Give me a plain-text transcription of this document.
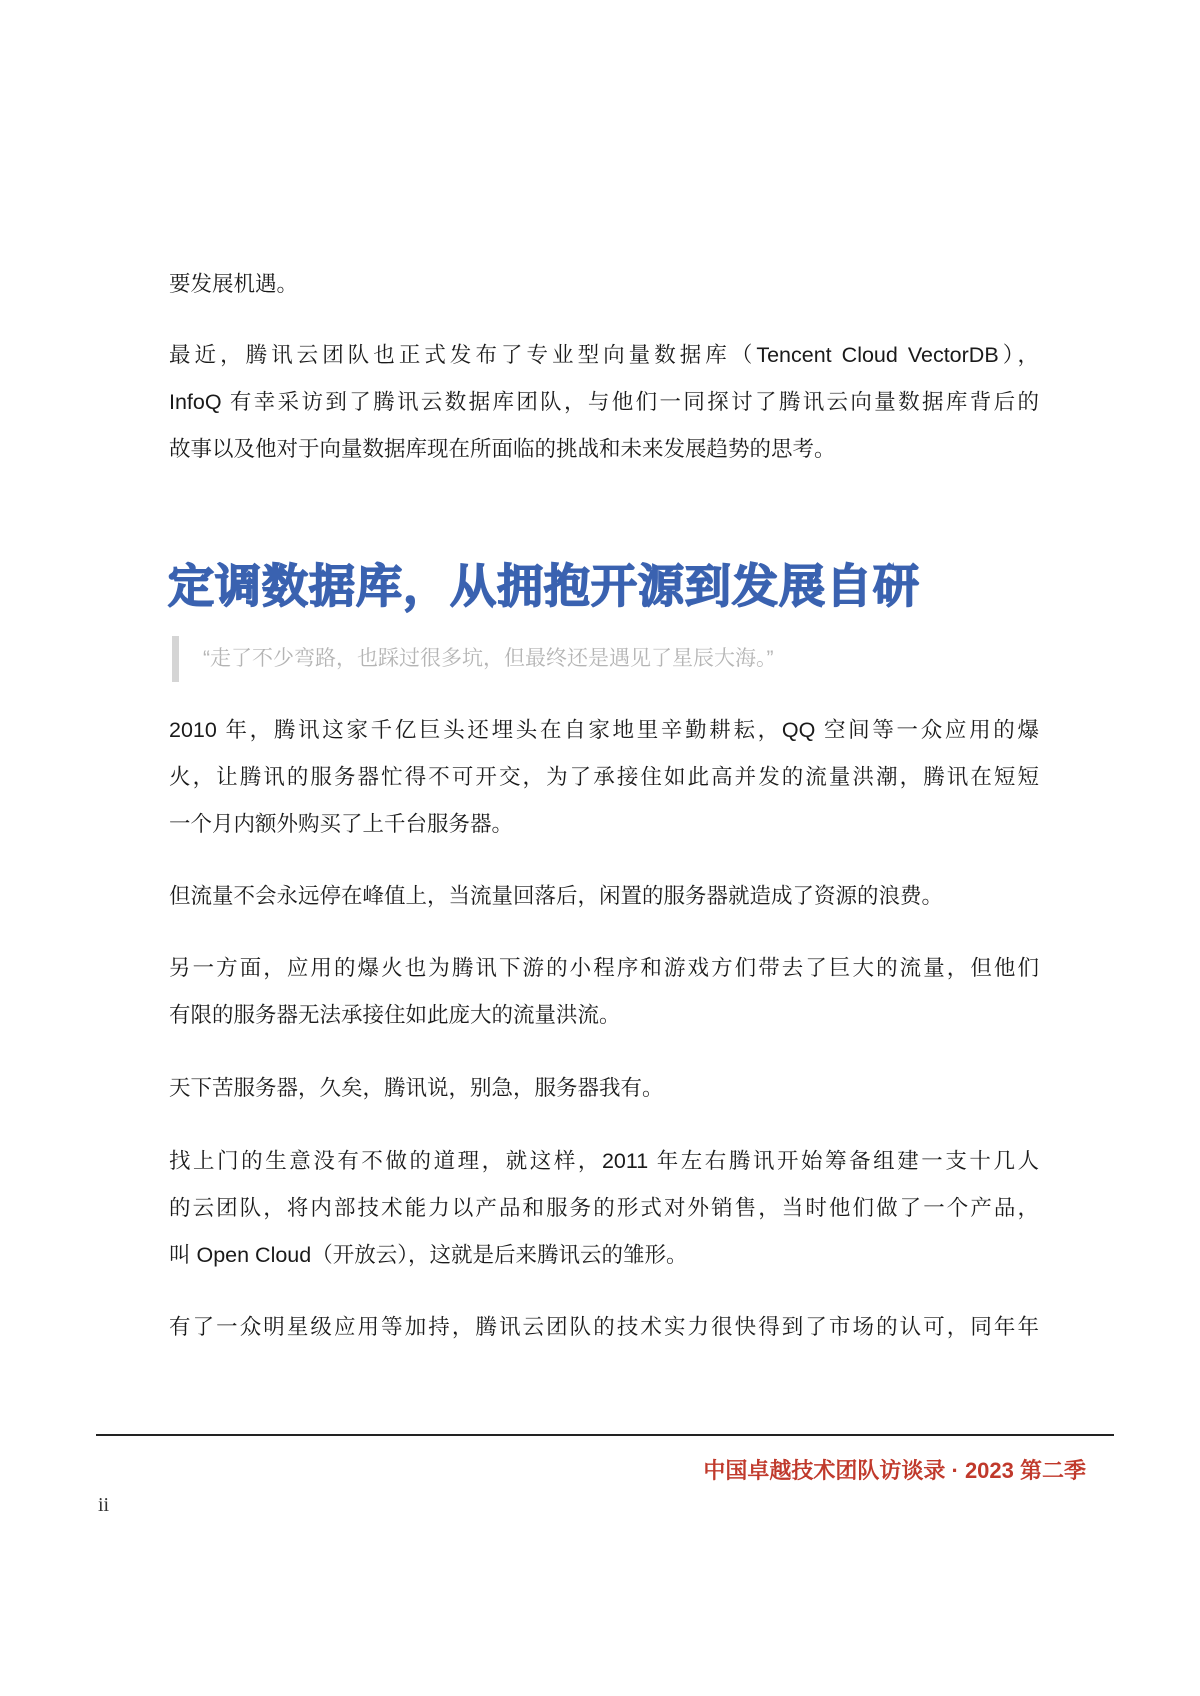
要发展机遇。
最近，腾讯云团队也正式发布了专业型向量数据库（Tencent Cloud VectorDB），
InfoQ 有幸采访到了腾讯云数据库团队，与他们一同探讨了腾讯云向量数据库背后的
故事以及他对于向量数据库现在所面临的挑战和未来发展趋势的思考。
2010 年，腾讯这家千亿巨头还埋头在自家地里辛勤耕耘，QQ 空间等一众应用的爆
火，让腾讯的服务器忙得不可开交，为了承接住如此高并发的流量洪潮，腾讯在短短
一个月内额外购买了上千台服务器。
但流量不会永远停在峰值上，当流量回落后，闲置的服务器就造成了资源的浪费。
另一方面，应用的爆火也为腾讯下游的小程序和游戏方们带去了巨大的流量，但他们
有限的服务器无法承接住如此庞大的流量洪流。
天下苦服务器，久矣，腾讯说，别急，服务器我有。
找上门的生意没有不做的道理，就这样，2011 年左右腾讯开始筹备组建一支十几人
的云团队，将内部技术能力以产品和服务的形式对外销售，当时他们做了一个产品，
叫 Open Cloud（开放云），这就是后来腾讯云的雏形。
有了一众明星级应用等加持，腾讯云团队的技术实力很快得到了市场的认可，同年年
定调数据库，从拥抱开源到发展自研
“走了不少弯路，也踩过很多坑，但最终还是遇见了星辰大海。”
中国卓越技术团队访谈录 · 2023 第二季
ii
